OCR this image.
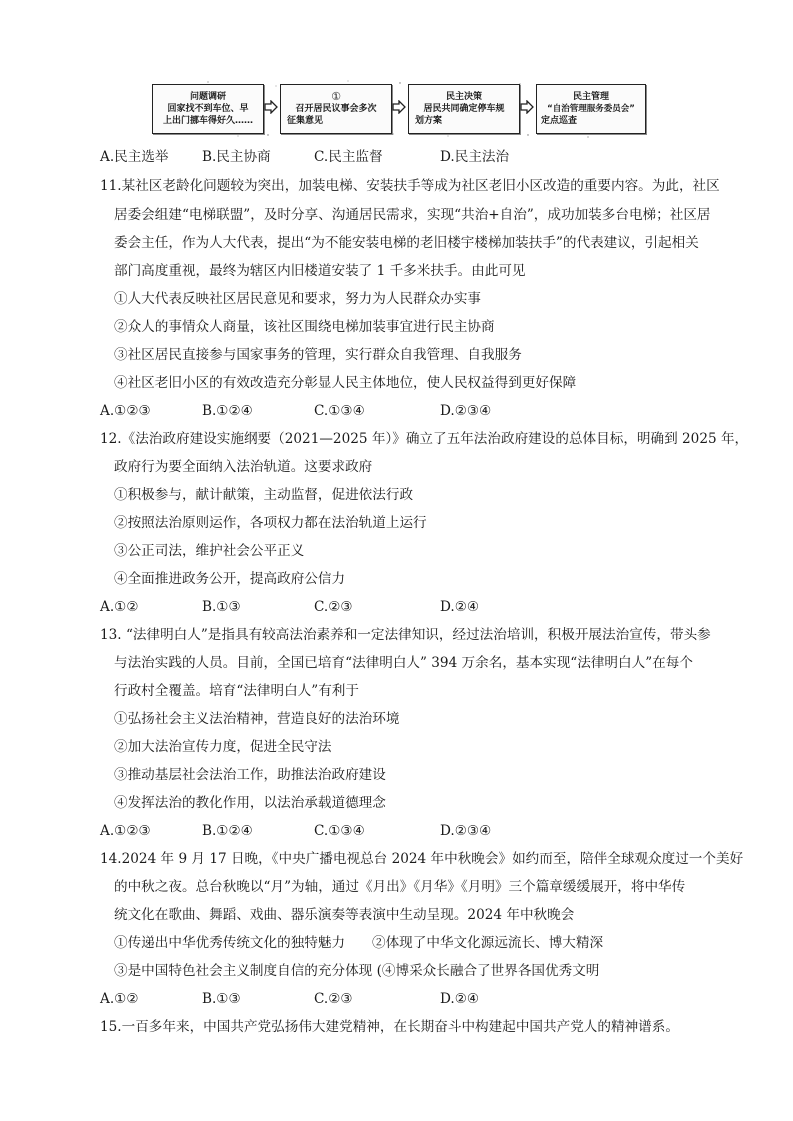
问题调研
回家找不到车位、早
上出门挪车得好久……
①
召开居民议事会多次
征集意见
民主决策
居民共同确定停车规
划方案
民主管理
“自治管理服务委员会”
定点巡查
A.民主选举 B.民主协商	C.民主监督	D.民主法治
11.某社区老龄化问题较为突出，加装电梯、安装扶手等成为社区老旧小区改造的重要内容。为此，社区
居委会组建“电梯联盟”，及时分享、沟通居民需求，实现“共治+自治”，成功加装多台电梯；社区居
委会主任，作为人大代表，提出“为不能安装电梯的老旧楼宇楼梯加装扶手”的代表建议，引起相关
部门高度重视，最终为辖区内旧楼道安装了 1 千多米扶手。由此可见
①人大代表反映社区居民意见和要求，努力为人民群众办实事
②众人的事情众人商量，该社区围绕电梯加装事宜进行民主协商
③社区居民直接参与国家事务的管理，实行群众自我管理、自我服务
④社区老旧小区的有效改造充分彰显人民主体地位，使人民权益得到更好保障
A.①②③	B.①②④	C.①③④	D.②③④
12.《法治政府建设实施纲要（2021—2025 年）》确立了五年法治政府建设的总体目标，明确到 2025 年，
政府行为要全面纳入法治轨道。这要求政府
①积极参与，献计献策，主动监督，促进依法行政
②按照法治原则运作，各项权力都在法治轨道上运行
③公正司法，维护社会公平正义
④全面推进政务公开，提高政府公信力
A.①②	B.①③	C.②③	D.②④
13. “法律明白人”是指具有较高法治素养和一定法律知识，经过法治培训，积极开展法治宣传，带头参
与法治实践的人员。目前，全国已培育“法律明白人” 394 万余名，基本实现“法律明白人”在每个
行政村全覆盖。培育“法律明白人”有利于
①弘扬社会主义法治精神，营造良好的法治环境
②加大法治宣传力度，促进全民守法
③推动基层社会法治工作，助推法治政府建设
④发挥法治的教化作用，以法治承载道德理念
A.①②③	B.①②④	C.①③④	D.②③④
14.2024 年 9 月 17 日晚，《中央广播电视总台 2024 年中秋晚会》如约而至，陪伴全球观众度过一个美好
的中秋之夜。总台秋晚以“月”为轴，通过《月出》《月华》《月明》三个篇章缓缓展开，将中华传
统文化在歌曲、舞蹈、戏曲、器乐演奏等表演中生动呈现。2024 年中秋晚会
①传递出中华优秀传统文化的独特魅力 ②体现了中华文化源远流长、博大精深
③是中国特色社会主义制度自信的充分体现 (④博采众长融合了世界各国优秀文明
A.①②	B.①③	C.②③	D.②④
15.一百多年来，中国共产党弘扬伟大建党精神，在长期奋斗中构建起中国共产党人的精神谱系。
